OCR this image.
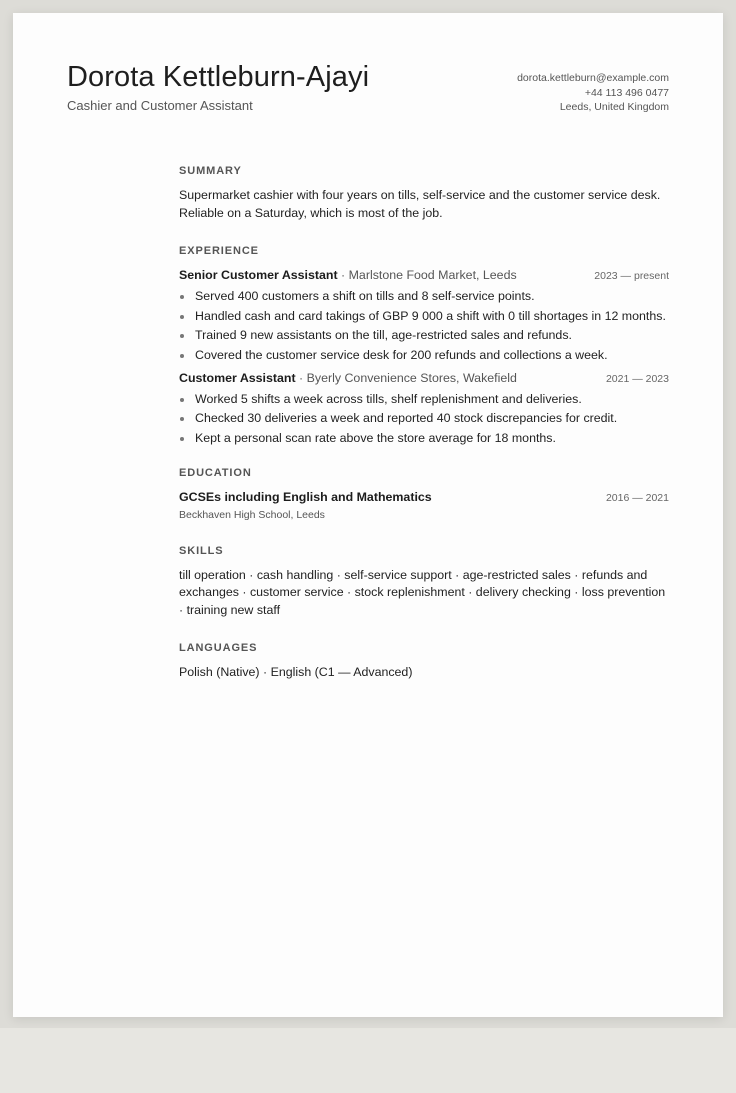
Dorota Kettleburn-Ajayi
Cashier and Customer Assistant
dorota.kettleburn@example.com
+44 113 496 0477
Leeds, United Kingdom
SUMMARY
Supermarket cashier with four years on tills, self-service and the customer service desk. Reliable on a Saturday, which is most of the job.
EXPERIENCE
Senior Customer Assistant · Marlstone Food Market, Leeds	2023 — present
Served 400 customers a shift on tills and 8 self-service points.
Handled cash and card takings of GBP 9 000 a shift with 0 till shortages in 12 months.
Trained 9 new assistants on the till, age-restricted sales and refunds.
Covered the customer service desk for 200 refunds and collections a week.
Customer Assistant · Byerly Convenience Stores, Wakefield	2021 — 2023
Worked 5 shifts a week across tills, shelf replenishment and deliveries.
Checked 30 deliveries a week and reported 40 stock discrepancies for credit.
Kept a personal scan rate above the store average for 18 months.
EDUCATION
GCSEs including English and Mathematics	2016 — 2021
Beckhaven High School, Leeds
SKILLS
till operation · cash handling · self-service support · age-restricted sales · refunds and exchanges · customer service · stock replenishment · delivery checking · loss prevention · training new staff
LANGUAGES
Polish (Native) · English (C1 — Advanced)
